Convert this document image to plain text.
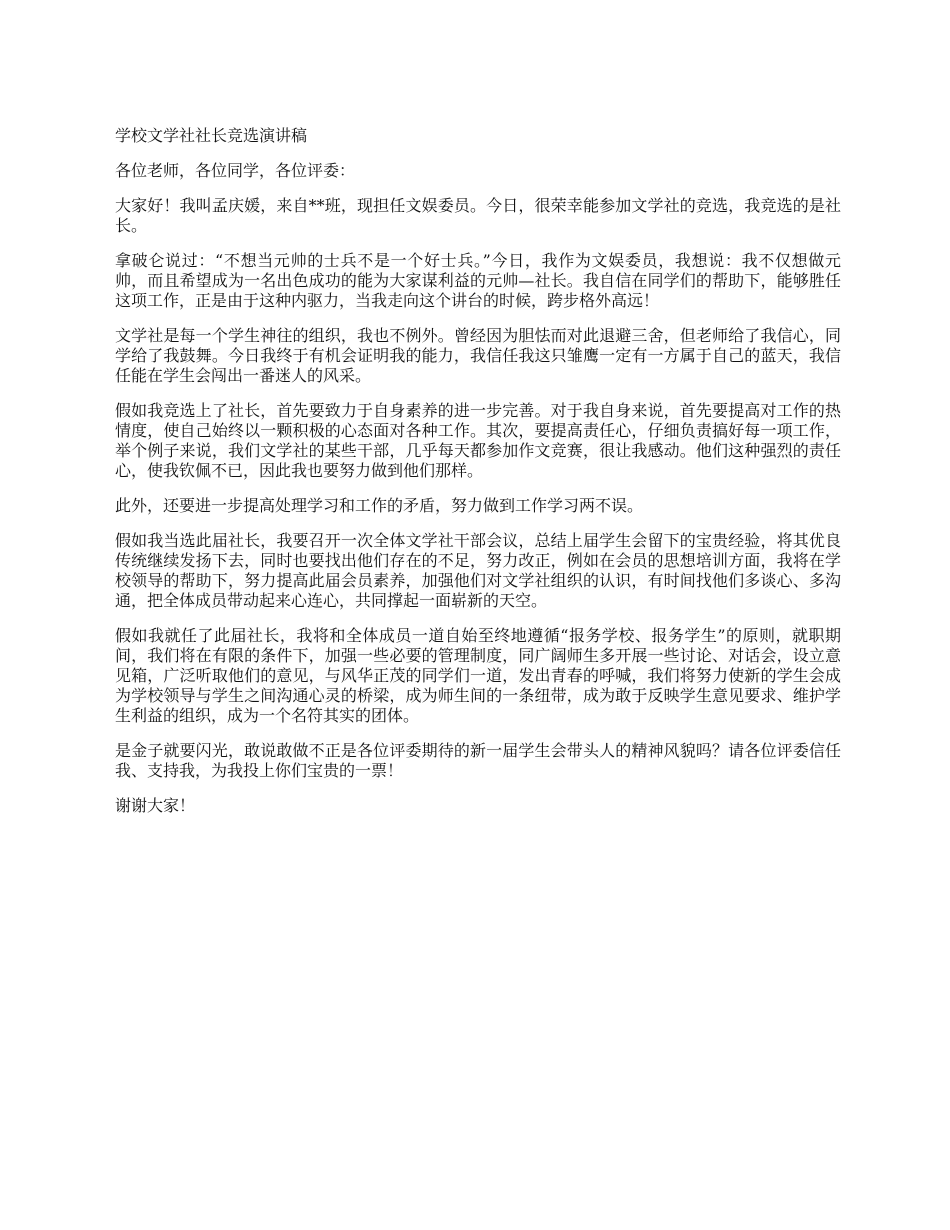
学校文学社社长竞选演讲稿

各位老师，各位同学，各位评委：

大家好！我叫孟庆媛，来自**班，现担任文娱委员。今日，很荣幸能参加文学社的竞选，我竞选的是社长。

拿破仑说过：“不想当元帅的士兵不是一个好士兵。”今日，我作为文娱委员，我想说：我不仅想做元帅，而且希望成为一名出色成功的能为大家谋利益的元帅—社长。我自信在同学们的帮助下，能够胜任这项工作，正是由于这种内驱力，当我走向这个讲台的时候，跨步格外高远！

文学社是每一个学生神往的组织，我也不例外。曾经因为胆怯而对此退避三舍，但老师给了我信心，同学给了我鼓舞。今日我终于有机会证明我的能力，我信任我这只雏鹰一定有一方属于自己的蓝天，我信任能在学生会闯出一番迷人的风采。

假如我竞选上了社长，首先要致力于自身素养的进一步完善。对于我自身来说，首先要提高对工作的热情度，使自己始终以一颗积极的心态面对各种工作。其次，要提高责任心，仔细负责搞好每一项工作，举个例子来说，我们文学社的某些干部，几乎每天都参加作文竞赛，很让我感动。他们这种强烈的责任心，使我钦佩不已，因此我也要努力做到他们那样。

此外，还要进一步提高处理学习和工作的矛盾，努力做到工作学习两不误。

假如我当选此届社长，我要召开一次全体文学社干部会议，总结上届学生会留下的宝贵经验，将其优良传统继续发扬下去，同时也要找出他们存在的不足，努力改正，例如在会员的思想培训方面，我将在学校领导的帮助下，努力提高此届会员素养，加强他们对文学社组织的认识，有时间找他们多谈心、多沟通，把全体成员带动起来心连心，共同撑起一面崭新的天空。

假如我就任了此届社长，我将和全体成员一道自始至终地遵循“报务学校、报务学生”的原则，就职期间，我们将在有限的条件下，加强一些必要的管理制度，同广阔师生多开展一些讨论、对话会，设立意见箱，广泛听取他们的意见，与风华正茂的同学们一道，发出青春的呼喊，我们将努力使新的学生会成为学校领导与学生之间沟通心灵的桥梁，成为师生间的一条纽带，成为敢于反映学生意见要求、维护学生利益的组织，成为一个名符其实的团体。

是金子就要闪光，敢说敢做不正是各位评委期待的新一届学生会带头人的精神风貌吗？请各位评委信任我、支持我，为我投上你们宝贵的一票！

谢谢大家！
